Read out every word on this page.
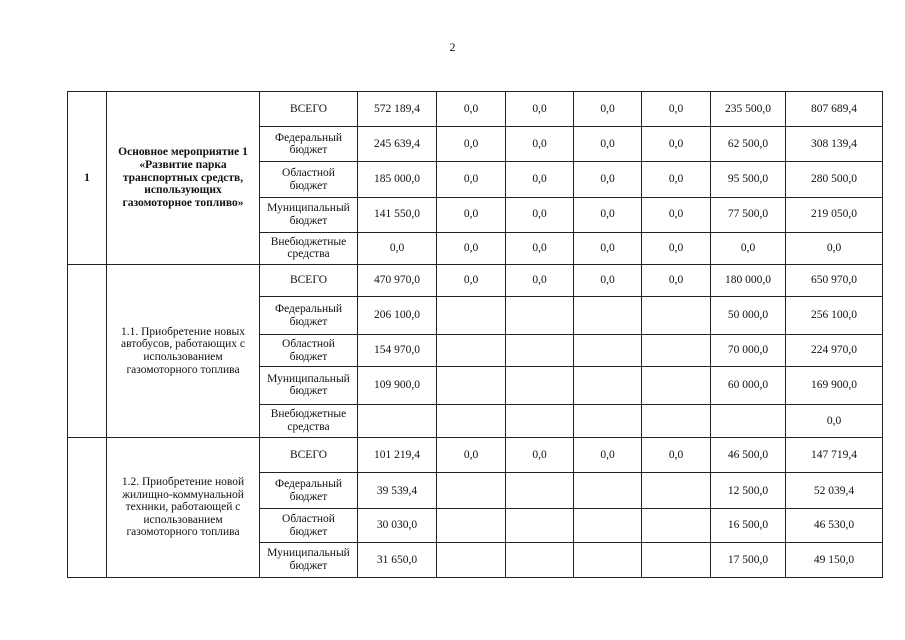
2
1	Основное мероприятие 1 «Развитие парка транспортных средств, использующих газомоторное топливо»	ВСЕГО	572 189,4	0,0	0,0	0,0	0,0	235 500,0	807 689,4
		Федеральный бюджет	245 639,4	0,0	0,0	0,0	0,0	62 500,0	308 139,4
		Областной бюджет	185 000,0	0,0	0,0	0,0	0,0	95 500,0	280 500,0
		Муниципальный бюджет	141 550,0	0,0	0,0	0,0	0,0	77 500,0	219 050,0
		Внебюджетные средства	0,0	0,0	0,0	0,0	0,0	0,0	0,0
	1.1. Приобретение новых автобусов, работающих с использованием газомоторного топлива	ВСЕГО	470 970,0	0,0	0,0	0,0	0,0	180 000,0	650 970,0
		Федеральный бюджет	206 100,0					50 000,0	256 100,0
		Областной бюджет	154 970,0					70 000,0	224 970,0
		Муниципальный бюджет	109 900,0					60 000,0	169 900,0
		Внебюджетные средства							0,0
	1.2. Приобретение новой жилищно-коммунальной техники, работающей с использованием газомоторного топлива	ВСЕГО	101 219,4	0,0	0,0	0,0	0,0	46 500,0	147 719,4
		Федеральный бюджет	39 539,4					12 500,0	52 039,4
		Областной бюджет	30 030,0					16 500,0	46 530,0
		Муниципальный бюджет	31 650,0					17 500,0	49 150,0
